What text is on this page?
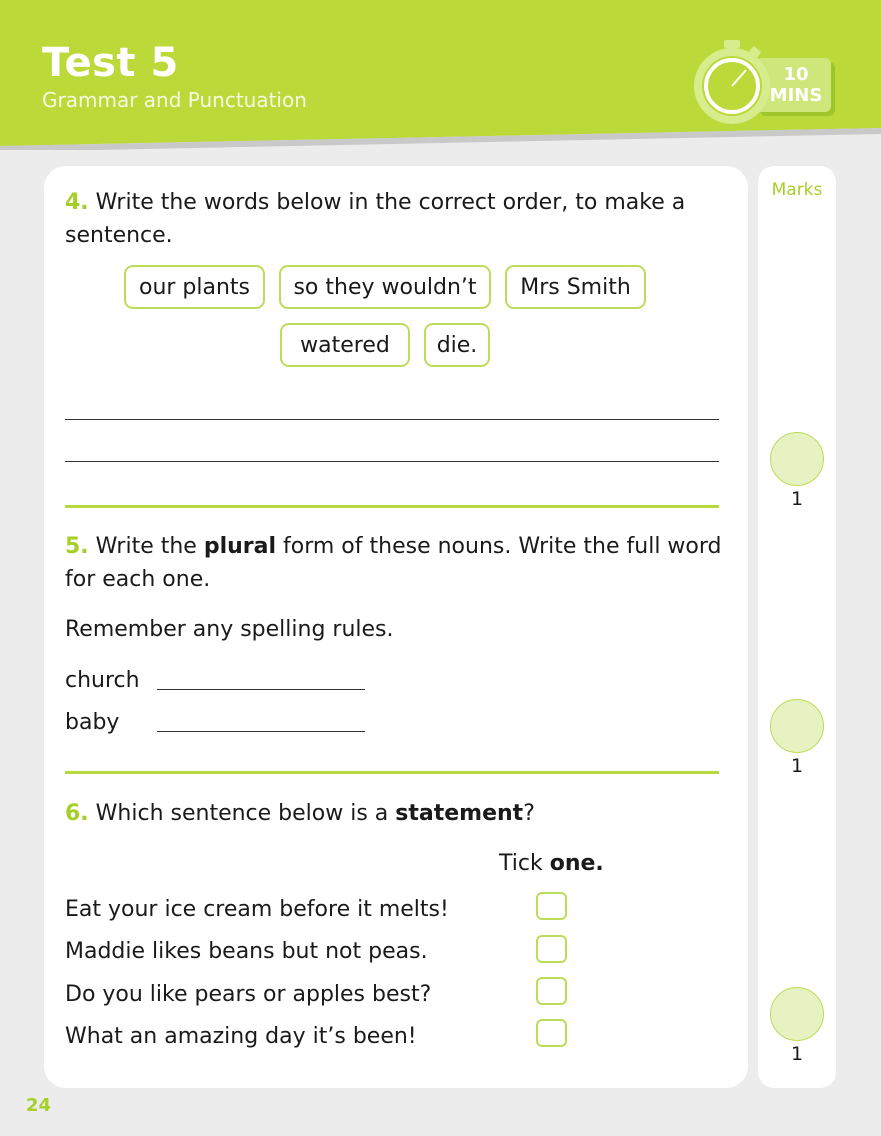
Test 5
Grammar and Punctuation
10
MINS
Marks
1
1
1
4. Write the words below in the correct order, to make a sentence.
our plants	so they wouldn’t	Mrs Smith
watered	die.
5. Write the plural form of these nouns. Write the full word for each one.
Remember any spelling rules.
church
baby
6. Which sentence below is a statement?
Tick one.
Eat your ice cream before it melts!
Maddie likes beans but not peas.
Do you like pears or apples best?
What an amazing day it’s been!
24
